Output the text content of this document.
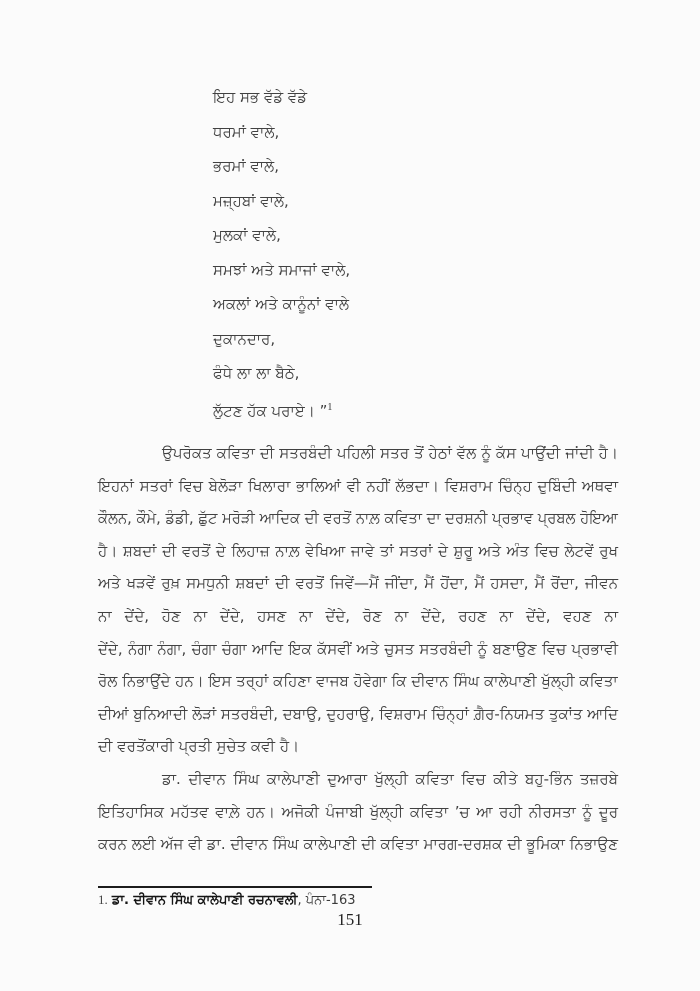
ਇਹ ਸਭ ਵੱਡੇ ਵੱਡੇ
ਧਰਮਾਂ ਵਾਲੇ,
ਭਰਮਾਂ ਵਾਲੇ,
ਮਜ਼੍ਹਬਾਂ ਵਾਲੇ,
ਮੁਲਕਾਂ ਵਾਲੇ,
ਸਮਝਾਂ ਅਤੇ ਸਮਾਜਾਂ ਵਾਲੇ,
ਅਕਲਾਂ ਅਤੇ ਕਾਨੂੰਨਾਂ ਵਾਲੇ
ਦੁਕਾਨਦਾਰ,
ਫੰਧੇ ਲਾ ਲਾ ਬੈਠੇ,
ਲੁੱਟਣ ਹੱਕ ਪਰਾਏ। ”$^1$
ਉਪਰੋਕਤ ਕਵਿਤਾ ਦੀ ਸਤਰਬੰਦੀ ਪਹਿਲੀ ਸਤਰ ਤੋਂ ਹੇਠਾਂ ਵੱਲ ਨੂੰ ਕੱਸ ਪਾਉਂਦੀ ਜਾਂਦੀ ਹੈ।
ਇਹਨਾਂ ਸਤਰਾਂ ਵਿਚ ਬੇਲੋੜਾ ਖਿਲਾਰਾ ਭਾਲਿਆਂ ਵੀ ਨਹੀਂ ਲੱਭਦਾ। ਵਿਸ਼ਰਾਮ ਚਿੰਨ੍ਹ ਦੁਬਿੰਦੀ ਅਥਵਾ
ਕੌਲਨ, ਕੌਮੇ, ਡੰਡੀ, ਛੁੱਟ ਮਰੋੜੀ ਆਦਿਕ ਦੀ ਵਰਤੋਂ ਨਾਲ਼ ਕਵਿਤਾ ਦਾ ਦਰਸ਼ਨੀ ਪ੍ਰਭਾਵ ਪ੍ਰਬਲ ਹੋਇਆ
ਹੈ। ਸ਼ਬਦਾਂ ਦੀ ਵਰਤੋਂ ਦੇ ਲਿਹਾਜ਼ ਨਾਲ਼ ਵੇਖਿਆ ਜਾਵੇ ਤਾਂ ਸਤਰਾਂ ਦੇ ਸ਼ੁਰੂ ਅਤੇ ਅੰਤ ਵਿਚ ਲੇਟਵੇਂ ਰੁਖ
ਅਤੇ ਖੜਵੇਂ ਰੁਖ਼ ਸਮਧੁਨੀ ਸ਼ਬਦਾਂ ਦੀ ਵਰਤੋਂ ਜਿਵੇਂ—ਮੈਂ ਜੀਂਦਾ, ਮੈਂ ਹੋਂਦਾ, ਮੈਂ ਹਸਦਾ, ਮੈਂ ਰੋਂਦਾ, ਜੀਵਨ
ਨਾ ਦੇਂਦੇ, ਹੋਣ ਨਾ ਦੇਂਦੇ, ਹਸਣ ਨਾ ਦੇਂਦੇ, ਰੋਣ ਨਾ ਦੇਂਦੇ, ਰਹਣ ਨਾ ਦੇਂਦੇ, ਵਹਣ ਨਾ
ਦੇਂਦੇ, ਨੰਗਾ ਨੰਗਾ, ਚੰਗਾ ਚੰਗਾ ਆਦਿ ਇਕ ਕੱਸਵੀਂ ਅਤੇ ਚੁਸਤ ਸਤਰਬੰਦੀ ਨੂੰ ਬਣਾਉਣ ਵਿਚ ਪ੍ਰਭਾਵੀ
ਰੋਲ ਨਿਭਾਉਂਦੇ ਹਨ। ਇਸ ਤਰ੍ਹਾਂ ਕਹਿਣਾ ਵਾਜਬ ਹੋਵੇਗਾ ਕਿ ਦੀਵਾਨ ਸਿੰਘ ਕਾਲੇਪਾਣੀ ਖੁੱਲ੍ਹੀ ਕਵਿਤਾ
ਦੀਆਂ ਬੁਨਿਆਦੀ ਲੋੜਾਂ ਸਤਰਬੰਦੀ, ਦਬਾਉ, ਦੁਹਰਾਉ, ਵਿਸ਼ਰਾਮ ਚਿੰਨ੍ਹਾਂ ਗ਼ੈਰ-ਨਿਯਮਤ ਤੁਕਾਂਤ ਆਦਿ
ਦੀ ਵਰਤੋਂਕਾਰੀ ਪ੍ਰਤੀ ਸੁਚੇਤ ਕਵੀ ਹੈ।
ਡਾ. ਦੀਵਾਨ ਸਿੰਘ ਕਾਲੇਪਾਣੀ ਦੁਆਰਾ ਖੁੱਲ੍ਹੀ ਕਵਿਤਾ ਵਿਚ ਕੀਤੇ ਬਹੁ-ਭਿੰਨ ਤਜ਼ਰਬੇ
ਇਤਿਹਾਸਿਕ ਮਹੱਤਵ ਵਾਲ਼ੇ ਹਨ। ਅਜੋਕੀ ਪੰਜਾਬੀ ਖੁੱਲ੍ਹੀ ਕਵਿਤਾ ’ਚ ਆ ਰਹੀ ਨੀਰਸਤਾ ਨੂੰ ਦੂਰ
ਕਰਨ ਲਈ ਅੱਜ ਵੀ ਡਾ. ਦੀਵਾਨ ਸਿੰਘ ਕਾਲੇਪਾਣੀ ਦੀ ਕਵਿਤਾ ਮਾਰਗ-ਦਰਸ਼ਕ ਦੀ ਭੂਮਿਕਾ ਨਿਭਾਉਣ
1. ਡਾ. ਦੀਵਾਨ ਸਿੰਘ ਕਾਲੇਪਾਣੀ ਰਚਨਾਵਲੀ, ਪੰਨਾ-163
151
